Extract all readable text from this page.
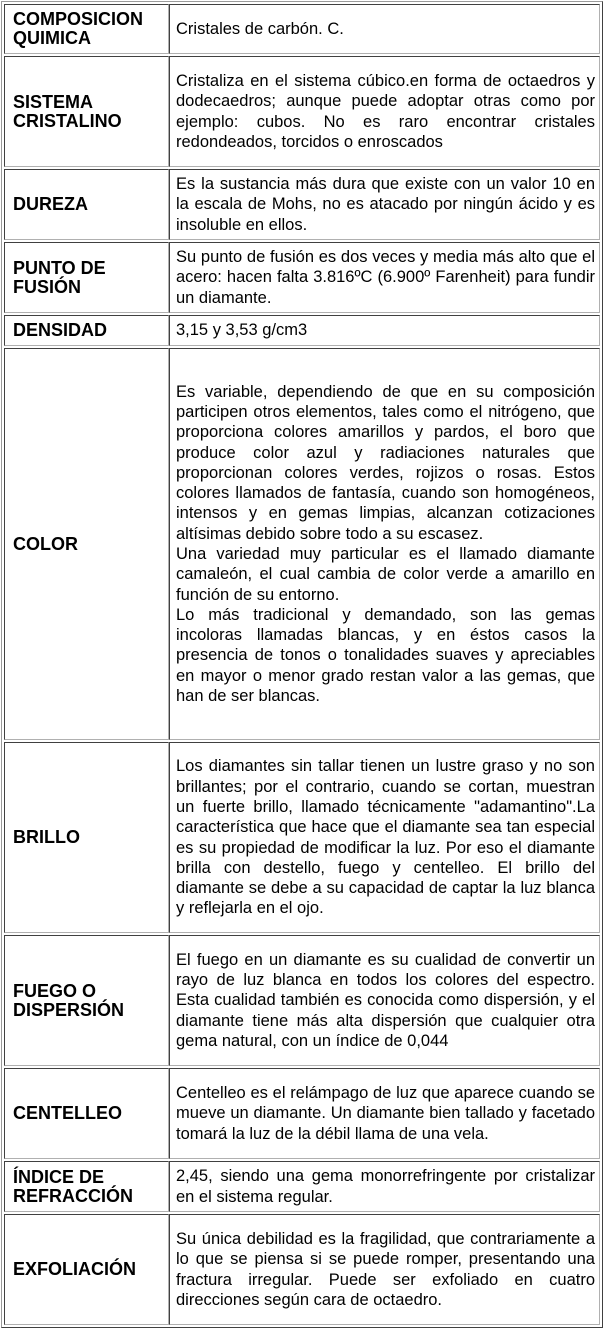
COMPOSICION QUIMICA	Cristales de carbón. C.

SISTEMA CRISTALINO	Cristaliza en el sistema cúbico.en forma de octaedros y dodecaedros; aunque puede adoptar otras como por ejemplo: cubos. No es raro encontrar cristales redondeados, torcidos o enroscados

DUREZA	Es la sustancia más dura que existe con un valor 10 en la escala de Mohs, no es atacado por ningún ácido y es insoluble en ellos.

PUNTO DE FUSIÓN	Su punto de fusión es dos veces y media más alto que el acero: hacen falta 3.816ºC (6.900º Farenheit) para fundir un diamante.

DENSIDAD	3,15 y 3,53 g/cm3

COLOR	Es variable, dependiendo de que en su composición participen otros elementos, tales como el nitrógeno, que proporciona colores amarillos y pardos, el boro que produce color azul y radiaciones naturales que proporcionan colores verdes, rojizos o rosas. Estos colores llamados de fantasía, cuando son homogéneos, intensos y en gemas limpias, alcanzan cotizaciones altísimas debido sobre todo a su escasez.
Una variedad muy particular es el llamado diamante camaleón, el cual cambia de color verde a amarillo en función de su entorno.
Lo más tradicional y demandado, son las gemas incoloras llamadas blancas, y en éstos casos la presencia de tonos o tonalidades suaves y apreciables en mayor o menor grado restan valor a las gemas, que han de ser blancas.

BRILLO	Los diamantes sin tallar tienen un lustre graso y no son brillantes; por el contrario, cuando se cortan, muestran un fuerte brillo, llamado técnicamente "adamantino".La característica que hace que el diamante sea tan especial es su propiedad de modificar la luz. Por eso el diamante brilla con destello, fuego y centelleo. El brillo del diamante se debe a su capacidad de captar la luz blanca y reflejarla en el ojo.

FUEGO O DISPERSIÓN	El fuego en un diamante es su cualidad de convertir un rayo de luz blanca en todos los colores del espectro. Esta cualidad también es conocida como dispersión, y el diamante tiene más alta dispersión que cualquier otra gema natural, con un índice de 0,044

CENTELLEO	Centelleo es el relámpago de luz que aparece cuando se mueve un diamante. Un diamante bien tallado y facetado tomará la luz de la débil llama de una vela.

ÍNDICE DE REFRACCIÓN	2,45, siendo una gema monorrefringente por cristalizar en el sistema regular.

EXFOLIACIÓN	Su única debilidad es la fragilidad, que contrariamente a lo que se piensa si se puede romper, presentando una fractura irregular. Puede ser exfoliado en cuatro direcciones según cara de octaedro.
